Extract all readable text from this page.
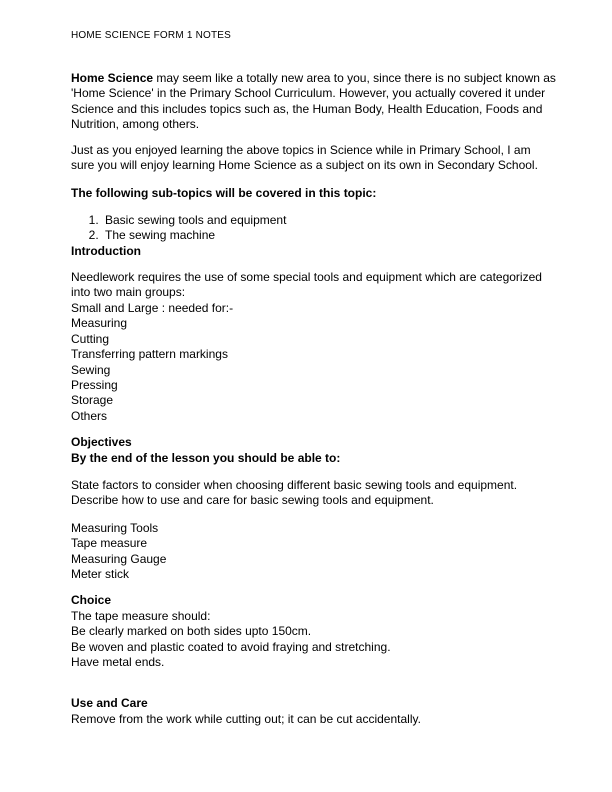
HOME SCIENCE FORM 1 NOTES

Home Science may seem like a totally new area to you, since there is no subject known as 'Home Science' in the Primary School Curriculum. However, you actually covered it under Science and this includes topics such as, the Human Body, Health Education, Foods and Nutrition, among others.

Just as you enjoyed learning the above topics in Science while in Primary School, I am sure you will enjoy learning Home Science as a subject on its own in Secondary School.

The following sub-topics will be covered in this topic:

1. Basic sewing tools and equipment
2. The sewing machine

Introduction

Needlework requires the use of some special tools and equipment which are categorized into two main groups:
Small and Large : needed for:-
Measuring
Cutting
Transferring pattern markings
Sewing
Pressing
Storage
Others
Objectives
By the end of the lesson you should be able to:
State factors to consider when choosing different basic sewing tools and equipment.
Describe how to use and care for basic sewing tools and equipment.
Measuring Tools
Tape measure
Measuring Gauge
Meter stick
Choice
The tape measure should:
Be clearly marked on both sides upto 150cm.
Be woven and plastic coated to avoid fraying and stretching.
Have metal ends.
Use and Care
Remove from the work while cutting out; it can be cut accidentally.
